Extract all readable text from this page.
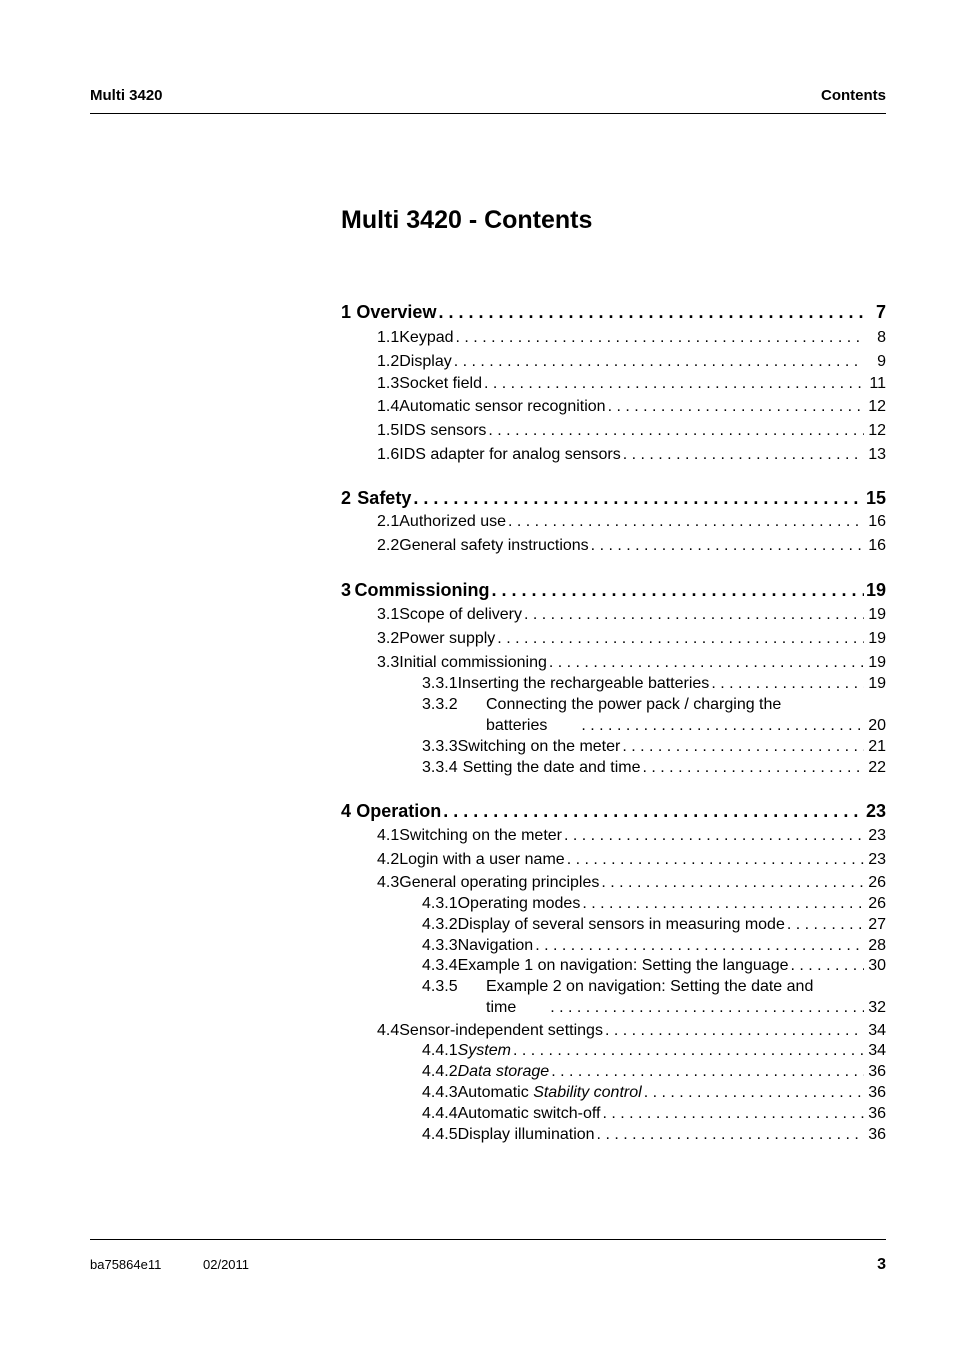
Multi 3420	Contents
Multi 3420 - Contents
1 Overview . . .	7
1.1 Keypad . . .	8
1.2 Display . . .	9
1.3 Socket field . . .	11
1.4 Automatic sensor recognition . . .	12
1.5 IDS sensors . . .	12
1.6 IDS adapter for analog sensors . . .	13
2 Safety . . .	15
2.1 Authorized use . . .	16
2.2 General safety instructions . . .	16
3 Commissioning . . .	19
3.1 Scope of delivery . . .	19
3.2 Power supply . . .	19
3.3 Initial commissioning . . .	19
3.3.1 Inserting the rechargeable batteries . . .	19
3.3.2	Connecting the power pack / charging the
batteries . . .	20
3.3.3 Switching on the meter . . .	21
3.3.4 Setting the date and time . . .	22
4 Operation . . .	23
4.1 Switching on the meter . . .	23
4.2 Login with a user name . . .	23
4.3 General operating principles . . .	26
4.3.1 Operating modes . . .	26
4.3.2 Display of several sensors in measuring mode . . .	27
4.3.3 Navigation . . .	28
4.3.4 Example 1 on navigation: Setting the language . . .	30
4.3.5	Example 2 on navigation: Setting the date and
time . . .	32
4.4 Sensor-independent settings . . .	34
4.4.1 System . . .	34
4.4.2 Data storage . . .	36
4.4.3 Automatic Stability control . . .	36
4.4.4 Automatic switch-off . . .	36
4.4.5 Display illumination . . .	36
ba75864e11	02/2011	3
